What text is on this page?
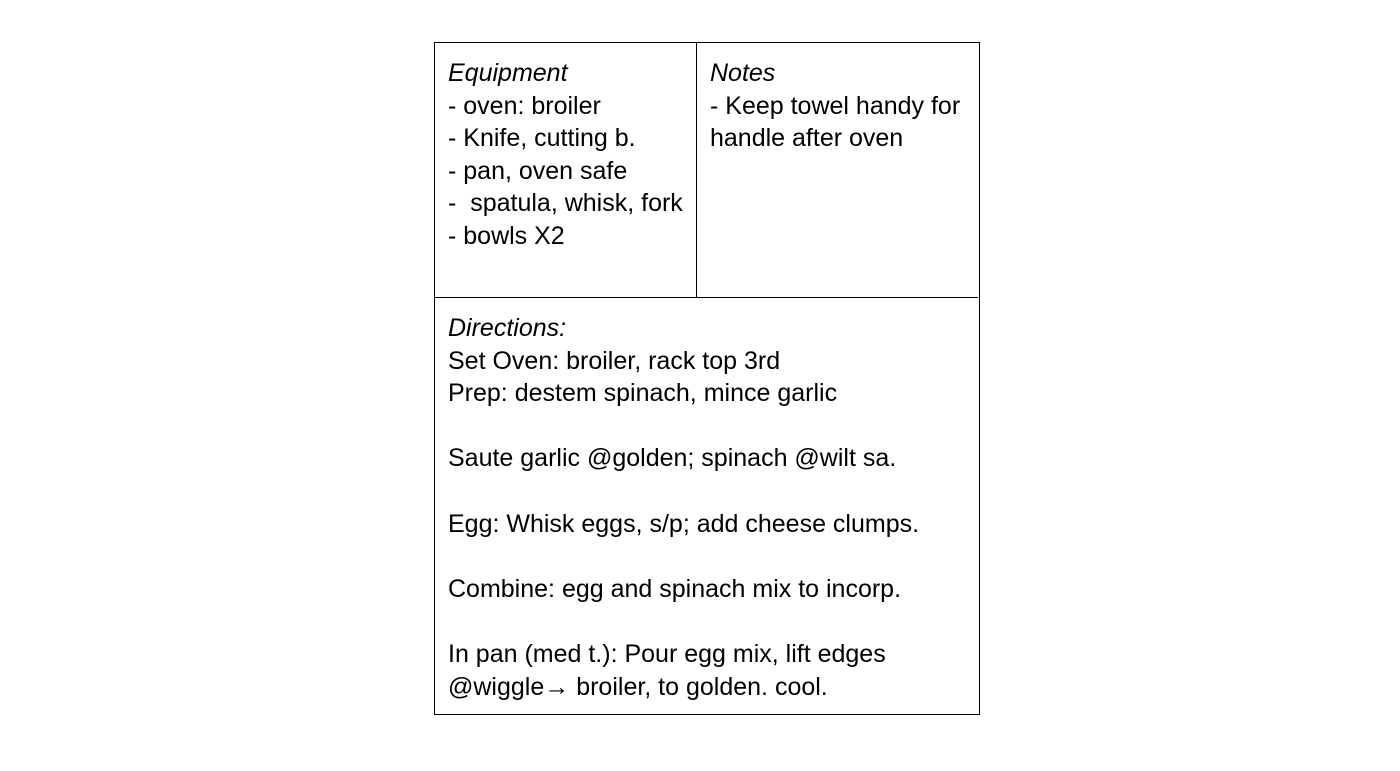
Equipment
- oven: broiler
- Knife, cutting b.
- pan, oven safe
-  spatula, whisk, fork
- bowls X2
Notes
- Keep towel handy for handle after oven
Directions:
Set Oven: broiler, rack top 3rd
Prep: destem spinach, mince garlic
Saute garlic @golden; spinach @wilt sa.
Egg: Whisk eggs, s/p; add cheese clumps.
Combine: egg and spinach mix to incorp.
In pan (med t.): Pour egg mix, lift edges @wiggle→ broiler, to golden. cool.
